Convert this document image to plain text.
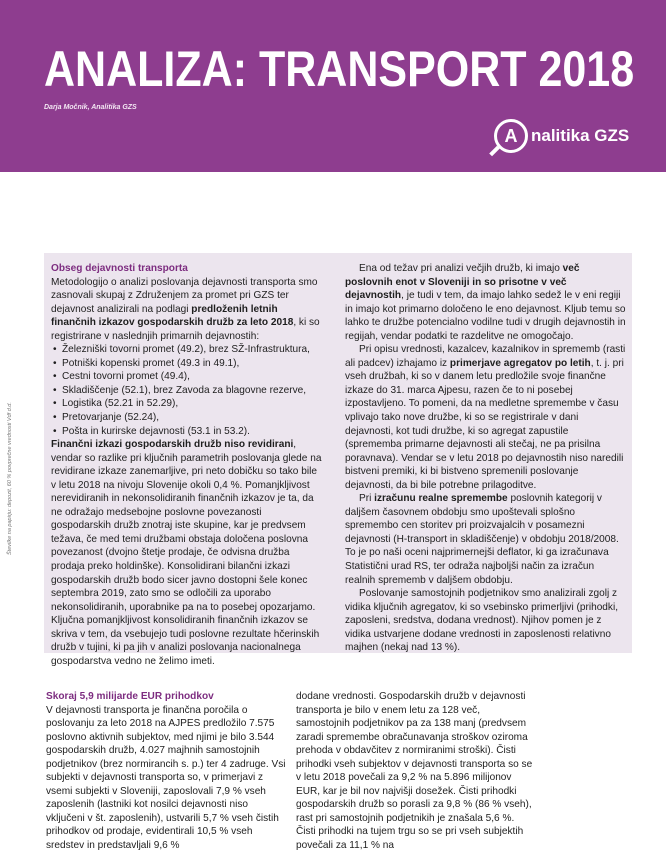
ANALIZA: TRANSPORT 2018
Darja Močnik, Analitika GZS
A nalitika GZS
Številke na papirju: depozit, 60 % povprečne vrednosti Vdf d.d.

Obseg dejavnosti transporta

Metodologijo o analizi poslovanja dejavnosti transporta smo zasnovali skupaj z Združenjem za promet pri GZS ter dejavnost analizirali na podlagi predloženih letnih finančnih izkazov gospodarskih družb za leto 2018, ki so registrirane v naslednjih primarnih dejavnostih:

• Železniški tovorni promet (49.2), brez SŽ-Infrastruktura,
• Potniški kopenski promet (49.3 in 49.1),
• Cestni tovorni promet (49.4),
• Skladiščenje (52.1), brez Zavoda za blagovne rezerve,
• Logistika (52.21 in 52.29),
• Pretovarjanje (52.24),
• Pošta in kurirske dejavnosti (53.1 in 53.2).

Finančni izkazi gospodarskih družb niso revidirani, vendar so razlike pri ključnih parametrih poslovanja glede na revidirane izkaze zanemarljive, pri neto dobičku so tako bile v letu 2018 na nivoju Slovenije okoli 0,4 %. Pomanjkljivost nerevidiranih in nekonsolidiranih finančnih izkazov je ta, da ne odražajo medsebojne poslovne povezanosti gospodarskih družb znotraj iste skupine, kar je predvsem težava, če med temi družbami obstaja določena poslovna povezanost (dvojno štetje prodaje, če odvisna družba prodaja preko holdinške). Konsolidirani bilančni izkazi gospodarskih družb bodo sicer javno dostopni šele konec septembra 2019, zato smo se odločili za uporabo nekonsolidiranih, uporabnike pa na to posebej opozarjamo. Ključna pomanjkljivost konsolidiranih finančnih izkazov se skriva v tem, da vsebujejo tudi poslovne rezultate hčerinskih družb v tujini, ki pa jih v analizi poslovanja nacionalnega gospodarstva vedno ne želimo imeti.

Ena od težav pri analizi večjih družb, ki imajo več poslovnih enot v Sloveniji in so prisotne v več dejavnostih, je tudi v tem, da imajo lahko sedež le v eni regiji in imajo kot primarno določeno le eno dejavnost. Kljub temu so lahko te družbe potencialno vodilne tudi v drugih dejavnostih in regijah, vendar podatki te razdelitve ne omogočajo.

Pri opisu vrednosti, kazalcev, kazalnikov in sprememb (rasti ali padcev) izhajamo iz primerjave agregatov po letih, t. j. pri vseh družbah, ki so v danem letu predložile svoje finančne izkaze do 31. marca Ajpesu, razen če to ni posebej izpostavljeno. To pomeni, da na medletne spremembe v času vplivajo tako nove družbe, ki so se registrirale v dani dejavnosti, kot tudi družbe, ki so agregat zapustile (sprememba primarne dejavnosti ali stečaj, ne pa prisilna poravnava). Vendar se v letu 2018 po dejavnostih niso naredili bistveni premiki, ki bi bistveno spremenili poslovanje dejavnosti, da bi bile potrebne prilagoditve.

Pri izračunu realne spremembe poslovnih kategorij v dalјšem časovnem obdobju smo upoštevali splošno spremembo cen storitev pri proizvajalcih v posamezni dejavnosti (H-transport in skladiščenje) v obdobju 2018/2008. To je po naši oceni najprimernejši deflator, ki ga izračunava Statistični urad RS, ter odraža najbolјši način za izračun realnih sprememb v dalјšem obdobju.

Poslovanje samostojnih podjetnikov smo analizirali zgolj z vidika ključnih agregatov, ki so vsebinsko primerljivi (prihodki, zaposleni, sredstva, dodana vrednost). Njihov pomen je z vidika ustvarjene dodane vrednosti in zaposlenosti relativno majhen (nekaj nad 13 %).

Skoraj 5,9 milijarde EUR prihodkov

V dejavnosti transporta je finančna poročila o poslovanju za leto 2018 na AJPES predložilo 7.575 poslovno aktivnih subjektov, med njimi je bilo 3.544 gospodarskih družb, 4.027 majhnih samostojnih podjetnikov (brez normirancih s. p.) ter 4 zadruge. Vsi subjekti v dejavnosti transporta so, v primerjavi z vsemi subjekti v Sloveniji, zaposlovali 7,9 % vseh zaposlenih (lastniki kot nosilci dejavnosti niso vključeni v št. zaposlenih), ustvarili 5,7 % vseh čistih prihodkov od prodaje, evidentirali 10,5 % vseh sredstev in predstavljali 9,6 %

dodane vrednosti. Gospodarskih družb v dejavnosti transporta je bilo v enem letu za 128 več, samostojnih podjetnikov pa za 138 manj (predvsem zaradi spremembe obračunavanja stroškov oziroma prehoda v obdavčitev z normiranimi stroški). Čisti prihodki vseh subjektov v dejavnosti transporta so se v letu 2018 povečali za 9,2 % na 5.896 milijonov EUR, kar je bil nov najvišji dosežek. Čisti prihodki gospodarskih družb so porasli za 9,8 % (86 % vseh), rast pri samostojnih podjetnikih je znašala 5,6 %. Čisti prihodki na tujem trgu so se pri vseh subjektih povečali za 11,1 % na
